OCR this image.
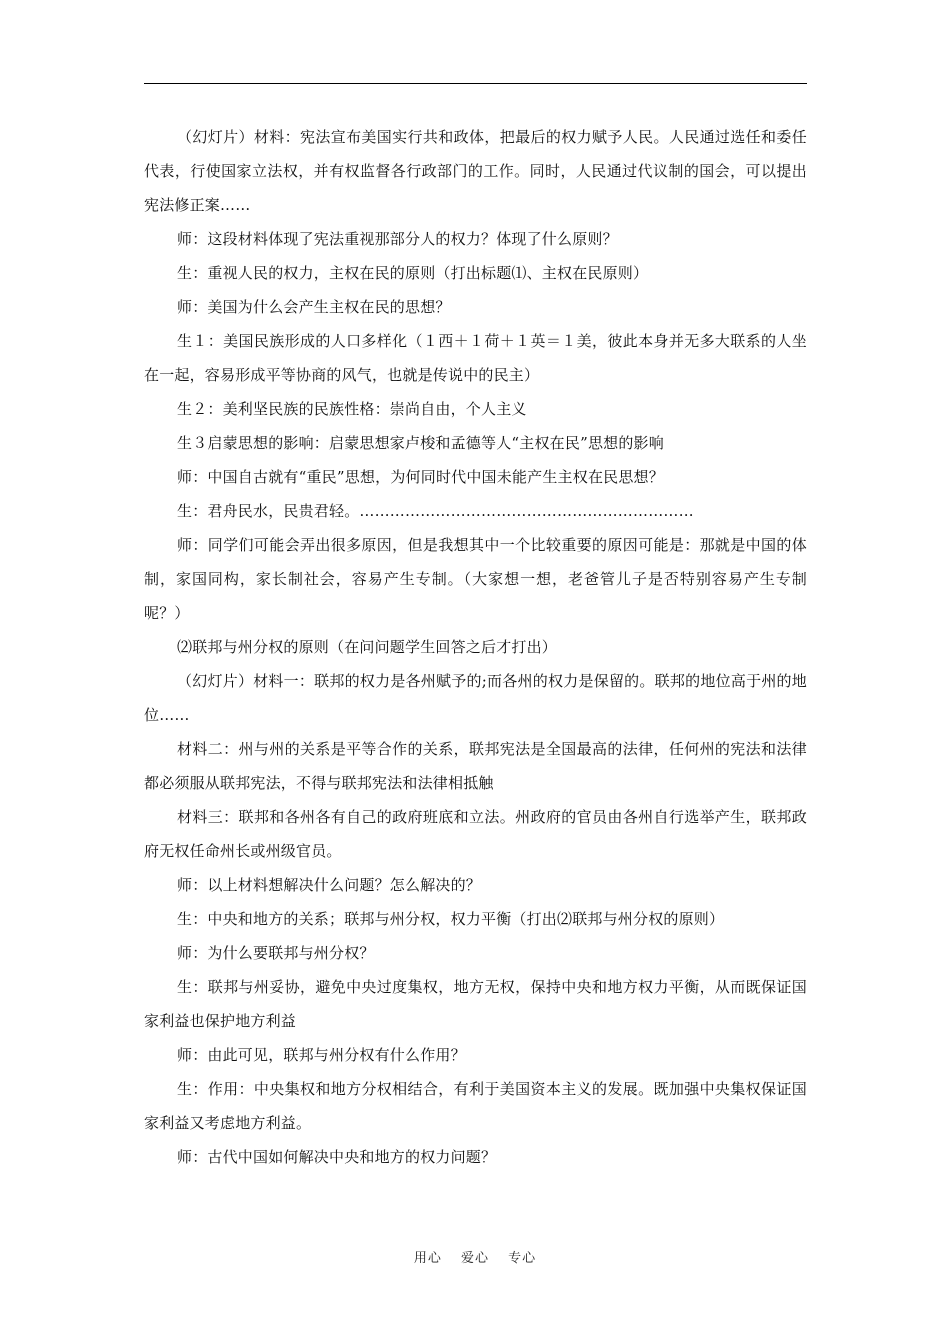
（幻灯片）材料：宪法宣布美国实行共和政体，把最后的权力赋予人民。人民通过选任和委任代表，行使国家立法权，并有权监督各行政部门的工作。同时，人民通过代议制的国会，可以提出宪法修正案……

师：这段材料体现了宪法重视那部分人的权力？体现了什么原则？

生：重视人民的权力，主权在民的原则（打出标题⑴、主权在民原则）

师：美国为什么会产生主权在民的思想？

生１：美国民族形成的人口多样化（１西＋１荷＋１英＝１美，彼此本身并无多大联系的人坐在一起，容易形成平等协商的风气，也就是传说中的民主）

生２：美利坚民族的民族性格：崇尚自由，个人主义

生３启蒙思想的影响：启蒙思想家卢梭和孟德等人“主权在民”思想的影响

师：中国自古就有“重民”思想，为何同时代中国未能产生主权在民思想？

生：君舟民水，民贵君轻。…………………………………………………………

师：同学们可能会弄出很多原因，但是我想其中一个比较重要的原因可能是：那就是中国的体制，家国同构，家长制社会，容易产生专制。（大家想一想，老爸管儿子是否特别容易产生专制呢？）

⑵联邦与州分权的原则（在问问题学生回答之后才打出）

（幻灯片）材料一：联邦的权力是各州赋予的;而各州的权力是保留的。联邦的地位高于州的地位……

材料二：州与州的关系是平等合作的关系，联邦宪法是全国最高的法律，任何州的宪法和法律都必须服从联邦宪法，不得与联邦宪法和法律相抵触

材料三：联邦和各州各有自己的政府班底和立法。州政府的官员由各州自行选举产生，联邦政府无权任命州长或州级官员。

师：以上材料想解决什么问题？怎么解决的？

生：中央和地方的关系；联邦与州分权，权力平衡（打出⑵联邦与州分权的原则）

师：为什么要联邦与州分权？

生：联邦与州妥协，避免中央过度集权，地方无权，保持中央和地方权力平衡，从而既保证国家利益也保护地方利益

师：由此可见，联邦与州分权有什么作用？

生：作用：中央集权和地方分权相结合，有利于美国资本主义的发展。既加强中央集权保证国家利益又考虑地方利益。

师：古代中国如何解决中央和地方的权力问题？

用心　 爱心　 专心
